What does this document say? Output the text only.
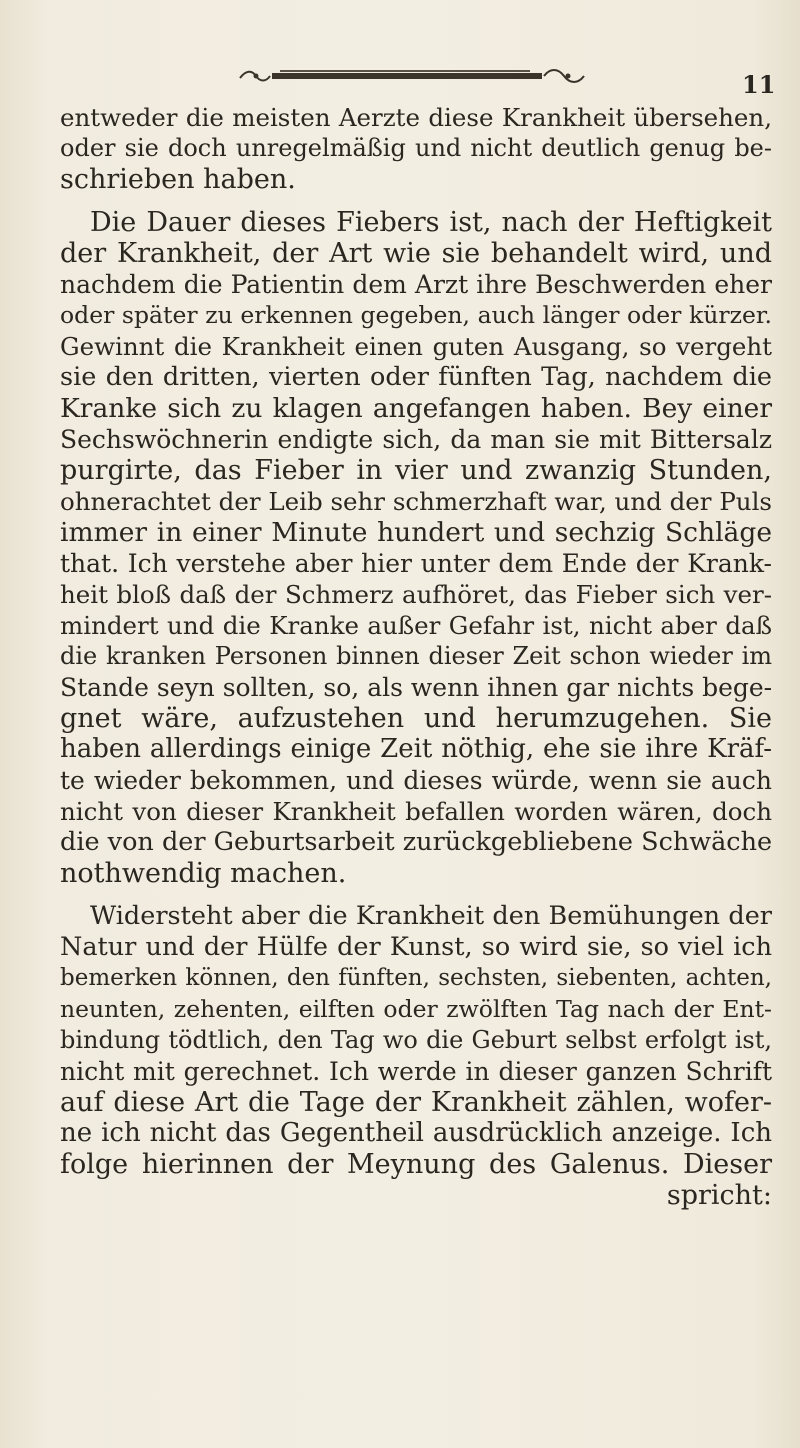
11
entweder die meisten Aerzte diese Krankheit übersehen,
oder sie doch unregelmäßig und nicht deutlich genug be-
schrieben haben.
Die Dauer dieses Fiebers ist, nach der Heftigkeit
der Krankheit, der Art wie sie behandelt wird, und
nachdem die Patientin dem Arzt ihre Beschwerden eher
oder später zu erkennen gegeben, auch länger oder kürzer.
Gewinnt die Krankheit einen guten Ausgang, so vergeht
sie den dritten, vierten oder fünften Tag, nachdem die
Kranke sich zu klagen angefangen haben. Bey einer
Sechswöchnerin endigte sich, da man sie mit Bittersalz
purgirte, das Fieber in vier und zwanzig Stunden,
ohnerachtet der Leib sehr schmerzhaft war, und der Puls
immer in einer Minute hundert und sechzig Schläge
that. Ich verstehe aber hier unter dem Ende der Krank-
heit bloß daß der Schmerz aufhöret, das Fieber sich ver-
mindert und die Kranke außer Gefahr ist, nicht aber daß
die kranken Personen binnen dieser Zeit schon wieder im
Stande seyn sollten, so, als wenn ihnen gar nichts bege-
gnet wäre, aufzustehen und herumzugehen. Sie
haben allerdings einige Zeit nöthig, ehe sie ihre Kräf-
te wieder bekommen, und dieses würde, wenn sie auch
nicht von dieser Krankheit befallen worden wären, doch
die von der Geburtsarbeit zurückgebliebene Schwäche
nothwendig machen.
Widersteht aber die Krankheit den Bemühungen der
Natur und der Hülfe der Kunst, so wird sie, so viel ich
bemerken können, den fünften, sechsten, siebenten, achten,
neunten, zehenten, eilften oder zwölften Tag nach der Ent-
bindung tödtlich, den Tag wo die Geburt selbst erfolgt ist,
nicht mit gerechnet. Ich werde in dieser ganzen Schrift
auf diese Art die Tage der Krankheit zählen, wofer-
ne ich nicht das Gegentheil ausdrücklich anzeige. Ich
folge hierinnen der Meynung des Galenus. Dieser
spricht:
